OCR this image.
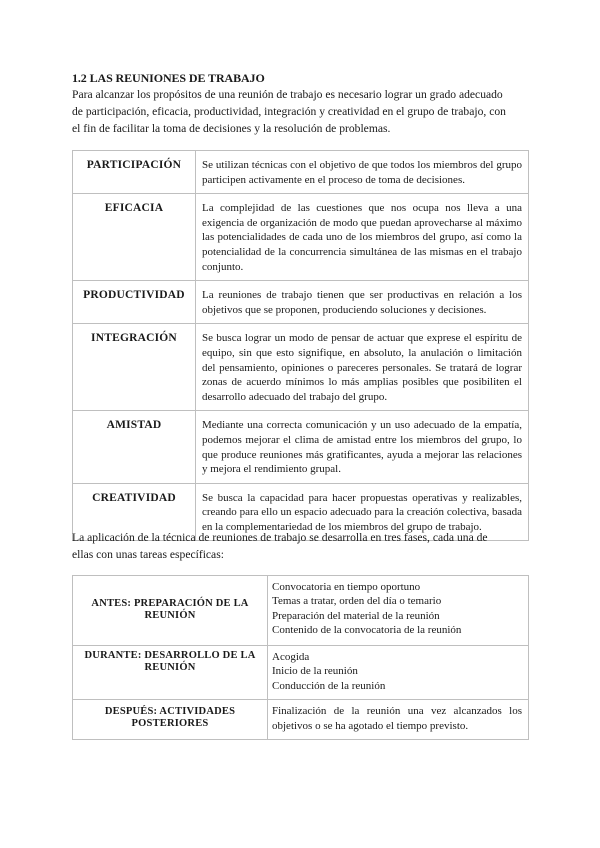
1.2 LAS REUNIONES DE TRABAJO
Para alcanzar los propósitos de una reunión de trabajo es necesario lograr un grado adecuado
de participación, eficacia, productividad, integración y creatividad en el grupo de trabajo, con
el fin de facilitar la toma de decisiones y la resolución de problemas.
PARTICIPACIÓN	Se utilizan técnicas con el objetivo de que todos los miembros del grupo participen activamente en el proceso de toma de decisiones.
EFICACIA	La complejidad de las cuestiones que nos ocupa nos lleva a una exigencia de organización de modo que puedan aprovecharse al máximo las potencialidades de cada uno de los miembros del grupo, así como la potencialidad de la concurrencia simultánea de las mismas en el trabajo conjunto.
PRODUCTIVIDAD	La reuniones de trabajo tienen que ser productivas en relación a los objetivos que se proponen, produciendo soluciones y decisiones.
INTEGRACIÓN	Se busca lograr un modo de pensar de actuar que exprese el espíritu de equipo, sin que esto signifique, en absoluto, la anulación o limitación del pensamiento, opiniones o pareceres personales. Se tratará de lograr zonas de acuerdo mínimos lo más amplias posibles que posibiliten el desarrollo adecuado del trabajo del grupo.
AMISTAD	Mediante una correcta comunicación y un uso adecuado de la empatía, podemos mejorar el clima de amistad entre los miembros del grupo, lo que produce reuniones más gratificantes, ayuda a mejorar las relaciones y mejora el rendimiento grupal.
CREATIVIDAD	Se busca la capacidad para hacer propuestas operativas y realizables, creando para ello un espacio adecuado para la creación colectiva, basada en la complementariedad de los miembros del grupo de trabajo.
La aplicación de la técnica de reuniones de trabajo se desarrolla en tres fases, cada una de
ellas con unas tareas específicas:
ANTES: PREPARACIÓN DE LA REUNIÓN	Convocatoria en tiempo oportuno
Temas a tratar, orden del día o temario
Preparación del material de la reunión
Contenido de la convocatoria de la reunión

DURANTE: DESARROLLO DE LA REUNIÓN	Acogida
Inicio de la reunión
Conducción de la reunión

DESPUÉS: ACTIVIDADES POSTERIORES	Finalización de la reunión una vez alcanzados los objetivos o se ha agotado el tiempo previsto.
